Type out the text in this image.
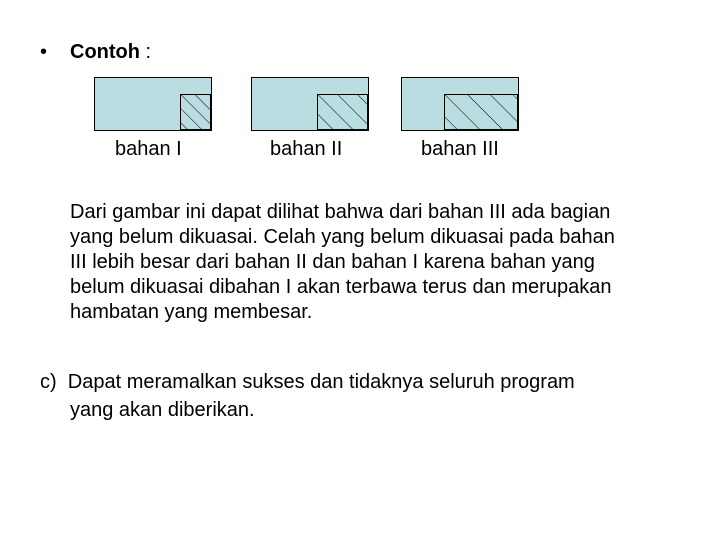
• Contoh :
bahan I	bahan II	bahan III

Dari gambar ini dapat dilihat bahwa dari bahan III ada bagian
yang belum dikuasai. Celah yang belum dikuasai pada bahan
III lebih besar dari bahan II dan bahan I karena bahan yang
belum dikuasai dibahan I akan terbawa terus dan merupakan
hambatan yang membesar.

c) Dapat meramalkan sukses dan tidaknya seluruh program
yang akan diberikan.
